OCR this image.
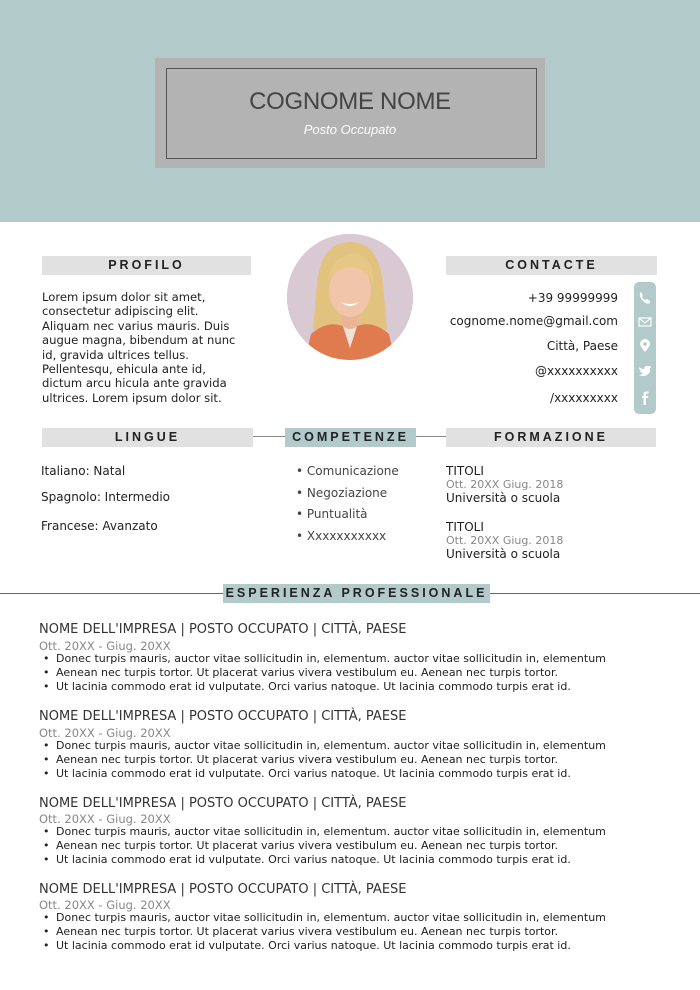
COGNOME NOME
Posto Occupato
PROFILO
Lorem ipsum dolor sit amet,
consectetur adipiscing elit.
Aliquam nec varius mauris. Duis
augue magna, bibendum at nunc
id, gravida ultrices tellus.
Pellentesqu, ehicula ante id,
dictum arcu hicula ante gravida
ultrices. Lorem ipsum dolor sit.
CONTACTE
+39 99999999
cognome.nome@gmail.com
Città, Paese
@xxxxxxxxxx
/xxxxxxxxx
LINGUE	COMPETENZE	FORMAZIONE
Italiano: Natal
Spagnolo: Intermedio
Francese: Avanzato
• Comunicazione
• Negoziazione
• Puntualità
• Xxxxxxxxxxx
TITOLI
Ott. 20XX Giug. 2018
Università o scuola
TITOLI
Ott. 20XX Giug. 2018
Università o scuola
ESPERIENZA PROFESSIONALE
NOME DELL'IMPRESA | POSTO OCCUPATO | CITTÀ, PAESE
Ott. 20XX - Giug. 20XX
• Donec turpis mauris, auctor vitae sollicitudin in, elementum. auctor vitae sollicitudin in, elementum
• Aenean nec turpis tortor. Ut placerat varius vivera vestibulum eu. Aenean nec turpis tortor.
• Ut lacinia commodo erat id vulputate. Orci varius natoque. Ut lacinia commodo turpis erat id.
NOME DELL'IMPRESA | POSTO OCCUPATO | CITTÀ, PAESE
Ott. 20XX - Giug. 20XX
• Donec turpis mauris, auctor vitae sollicitudin in, elementum. auctor vitae sollicitudin in, elementum
• Aenean nec turpis tortor. Ut placerat varius vivera vestibulum eu. Aenean nec turpis tortor.
• Ut lacinia commodo erat id vulputate. Orci varius natoque. Ut lacinia commodo turpis erat id.
NOME DELL'IMPRESA | POSTO OCCUPATO | CITTÀ, PAESE
Ott. 20XX - Giug. 20XX
• Donec turpis mauris, auctor vitae sollicitudin in, elementum. auctor vitae sollicitudin in, elementum
• Aenean nec turpis tortor. Ut placerat varius vivera vestibulum eu. Aenean nec turpis tortor.
• Ut lacinia commodo erat id vulputate. Orci varius natoque. Ut lacinia commodo turpis erat id.
NOME DELL'IMPRESA | POSTO OCCUPATO | CITTÀ, PAESE
Ott. 20XX - Giug. 20XX
• Donec turpis mauris, auctor vitae sollicitudin in, elementum. auctor vitae sollicitudin in, elementum
• Aenean nec turpis tortor. Ut placerat varius vivera vestibulum eu. Aenean nec turpis tortor.
• Ut lacinia commodo erat id vulputate. Orci varius natoque. Ut lacinia commodo turpis erat id.
